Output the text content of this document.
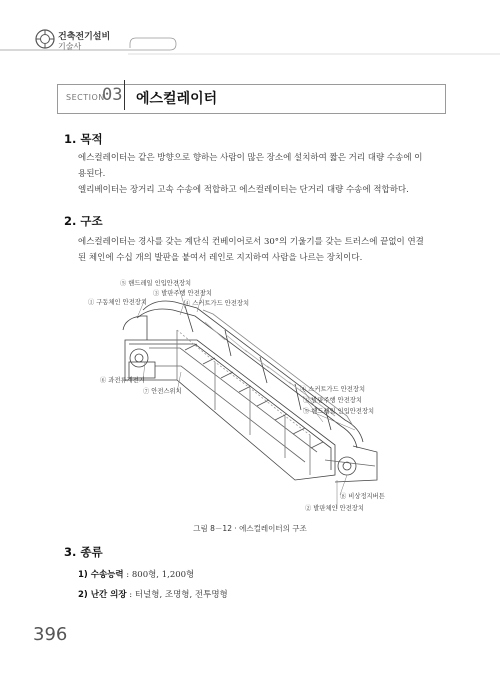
건축전기설비
기술사
SECTION
03 에스컬레이터
1. 목적
에스컬레이터는 같은 방향으로 향하는 사람이 많은 장소에 설치하여 짧은 거리 대량 수송에 이
용된다.
엘리베이터는 장거리 고속 수송에 적합하고 에스컬레이터는 단거리 대량 수송에 적합하다.
2. 구조
에스컬레이터는 경사를 갖는 계단식 컨베이어로서 30°의 기울기를 갖는 트러스에 끝없이 연결
된 체인에 수십 개의 발판을 붙여서 레인로 지지하여 사람을 나르는 장치이다.
⑤ 핸드레일 인입안전장치
③ 발판주행 안전장치
① 구동체인 안전장치	④ 스커트가드 안전장치
⑥ 과전류계전기
⑦ 안전스위치	④ 스커트가드 안전장치
③ 발판주행 안전장치
⑤ 핸드레일 인입안전장치
⑧ 비상정지버튼
② 발판체인 안전장치
그림 8－12 · 에스컬레이터의 구조
3. 종류
1) 수송능력 : 800형, 1,200형
2) 난간 의장 : 터널형, 조명형, 전투명형
396
